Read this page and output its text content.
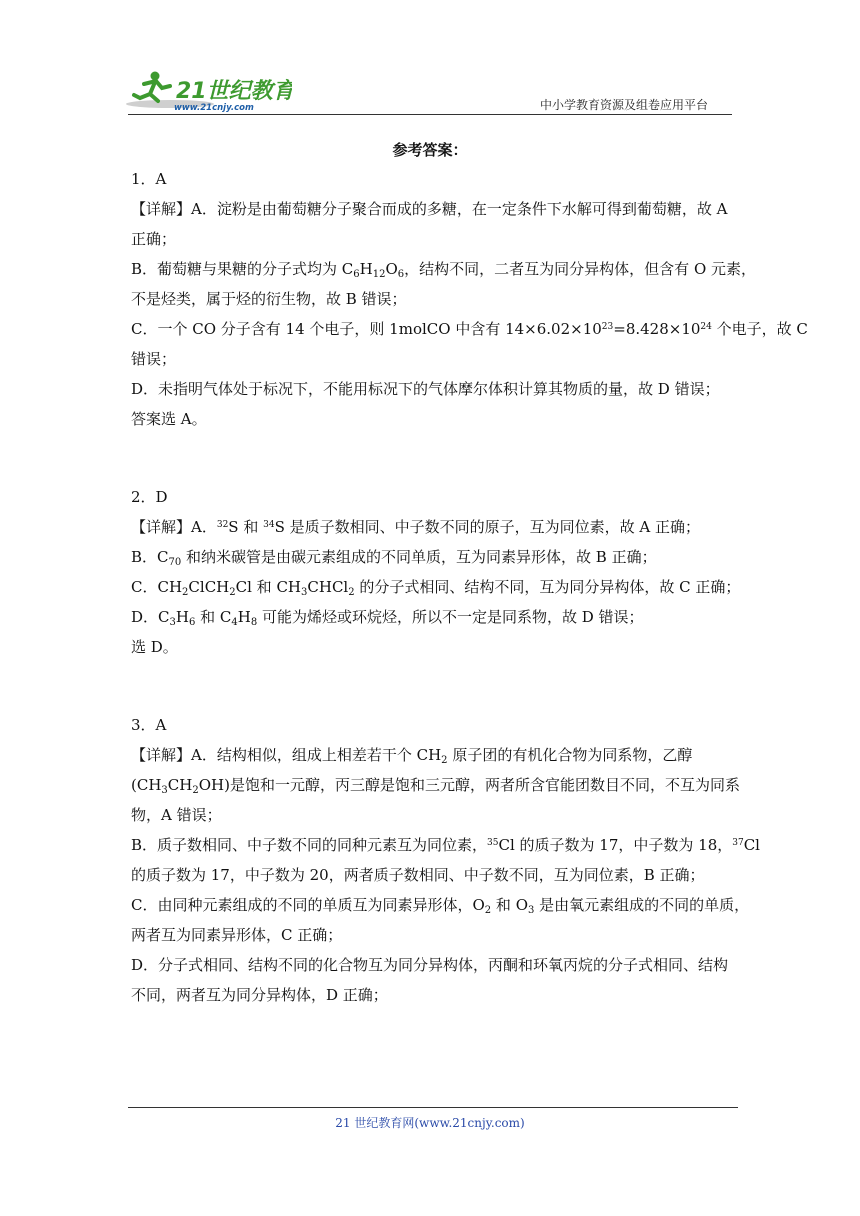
21世纪教育
www.21cnjy.com	中小学教育资源及组卷应用平台
参考答案：
1．A
【详解】A．淀粉是由葡萄糖分子聚合而成的多糖，在一定条件下水解可得到葡萄糖，故 A
正确；
B．葡萄糖与果糖的分子式均为 $C_6H_{12}O_6$，结构不同，二者互为同分异构体，但含有 O 元素，
不是烃类，属于烃的衍生物，故 B 错误；
C．一个 CO 分子含有 14 个电子，则 1molCO 中含有 $14\times 6.02\times 10^{23}=8.428\times 10^{24}$ 个电子，故 C
错误；
D．未指明气体处于标况下，不能用标况下的气体摩尔体积计算其物质的量，故 D 错误；
答案选 A。
2．D
【详解】A．$^{32}$S 和 $^{34}$S 是质子数相同、中子数不同的原子，互为同位素，故 A 正确；
B．$C_{70}$ 和纳米碳管是由碳元素组成的不同单质，互为同素异形体，故 B 正确；
C．$CH_2ClCH_2Cl$ 和 $CH_3CHCl_2$ 的分子式相同、结构不同，互为同分异构体，故 C 正确；
D．$C_3H_6$ 和 $C_4H_8$ 可能为烯烃或环烷烃，所以不一定是同系物，故 D 错误；
选 D。
3．A
【详解】A．结构相似，组成上相差若干个 $CH_2$ 原子团的有机化合物为同系物，乙醇
$(CH_3CH_2OH)$是饱和一元醇，丙三醇是饱和三元醇，两者所含官能团数目不同，不互为同系
物，A 错误；
B．质子数相同、中子数不同的同种元素互为同位素，$^{35}$Cl 的质子数为 17，中子数为 18，$^{37}$Cl
的质子数为 17，中子数为 20，两者质子数相同、中子数不同，互为同位素，B 正确；
C．由同种元素组成的不同的单质互为同素异形体，$O_2$ 和 $O_3$ 是由氧元素组成的不同的单质，
两者互为同素异形体，C 正确；
D．分子式相同、结构不同的化合物互为同分异构体，丙酮和环氧丙烷的分子式相同、结构
不同，两者互为同分异构体，D 正确；
21 世纪教育网(www.21cnjy.com)
